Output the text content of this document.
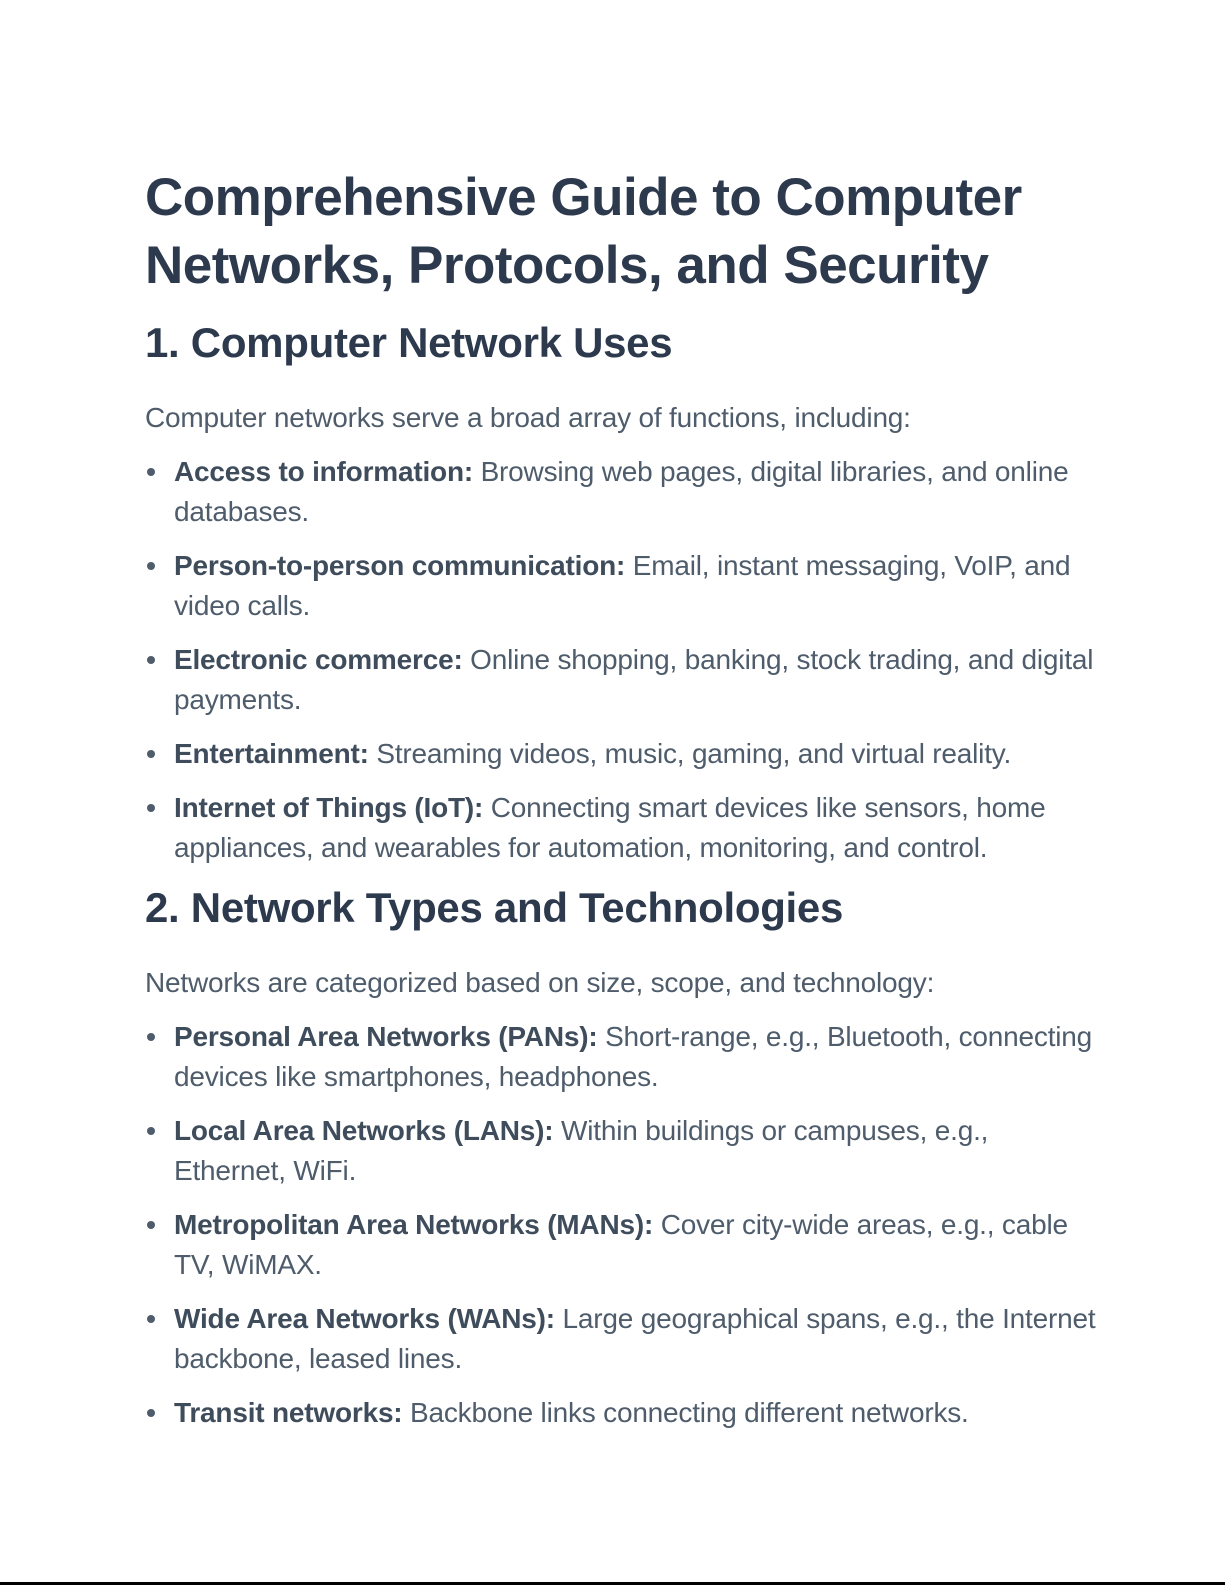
Comprehensive Guide to Computer Networks, Protocols, and Security
1. Computer Network Uses

Computer networks serve a broad array of functions, including:

Access to information: Browsing web pages, digital libraries, and online databases.
Person-to-person communication: Email, instant messaging, VoIP, and video calls.
Electronic commerce: Online shopping, banking, stock trading, and digital payments.
Entertainment: Streaming videos, music, gaming, and virtual reality.
Internet of Things (IoT): Connecting smart devices like sensors, home appliances, and wearables for automation, monitoring, and control.
2. Network Types and Technologies

Networks are categorized based on size, scope, and technology:

Personal Area Networks (PANs): Short-range, e.g., Bluetooth, connecting devices like smartphones, headphones.
Local Area Networks (LANs): Within buildings or campuses, e.g., Ethernet, WiFi.
Metropolitan Area Networks (MANs): Cover city-wide areas, e.g., cable TV, WiMAX.
Wide Area Networks (WANs): Large geographical spans, e.g., the Internet backbone, leased lines.
Transit networks: Backbone links connecting different networks.
